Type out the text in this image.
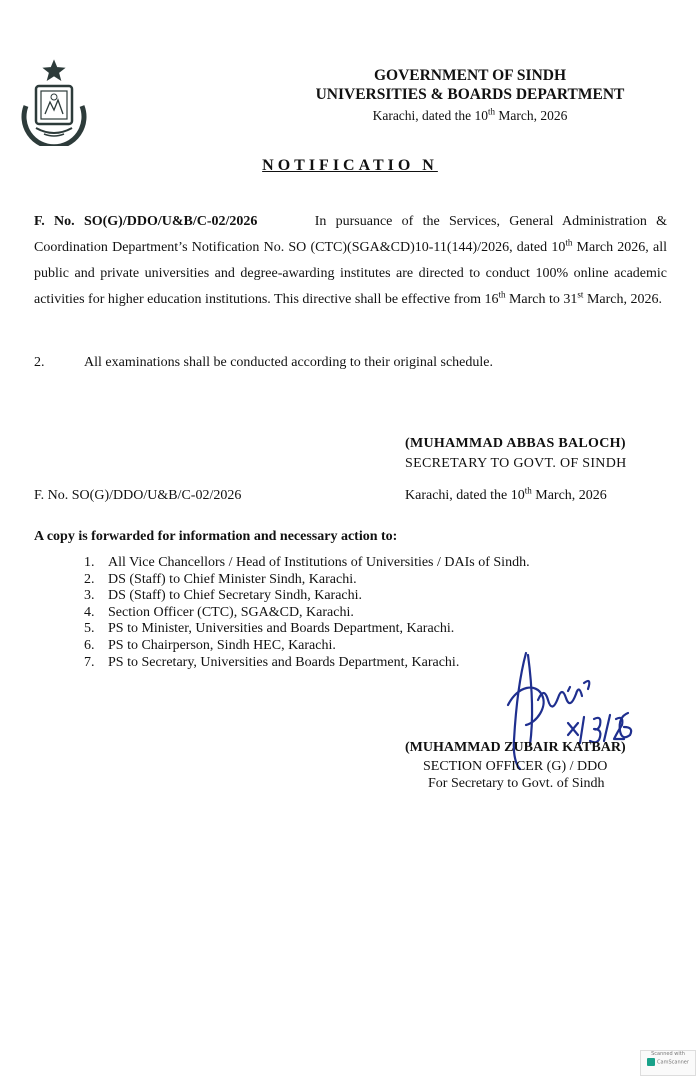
GOVERNMENT OF SINDH
UNIVERSITIES & BOARDS DEPARTMENT
Karachi, dated the 10th March, 2026
NOTIFICATIO N
F. No. SO(G)/DDO/U&B/C-02/2026	In pursuance of the Services, General Administration & Coordination Department’s Notification No. SO (CTC)(SGA&CD)10-11(144)/2026, dated 10th March 2026, all public and private universities and degree-awarding institutes are directed to conduct 100% online academic activities for higher education institutions. This directive shall be effective from 16th March to 31st March, 2026.
2.	All examinations shall be conducted according to their original schedule.
(MUHAMMAD ABBAS BALOCH)
SECRETARY TO GOVT. OF SINDH
F. No. SO(G)/DDO/U&B/C-02/2026	Karachi, dated the 10th March, 2026
A copy is forwarded for information and necessary action to:
1. All Vice Chancellors / Head of Institutions of Universities / DAIs of Sindh.
2. DS (Staff) to Chief Minister Sindh, Karachi.
3. DS (Staff) to Chief Secretary Sindh, Karachi.
4. Section Officer (CTC), SGA&CD, Karachi.
5. PS to Minister, Universities and Boards Department, Karachi.
6. PS to Chairperson, Sindh HEC, Karachi.
7. PS to Secretary, Universities and Boards Department, Karachi.
(MUHAMMAD ZUBAIR KATBAR)
SECTION OFFICER (G) / DDO
For Secretary to Govt. of Sindh
Scanned with
CamScanner
